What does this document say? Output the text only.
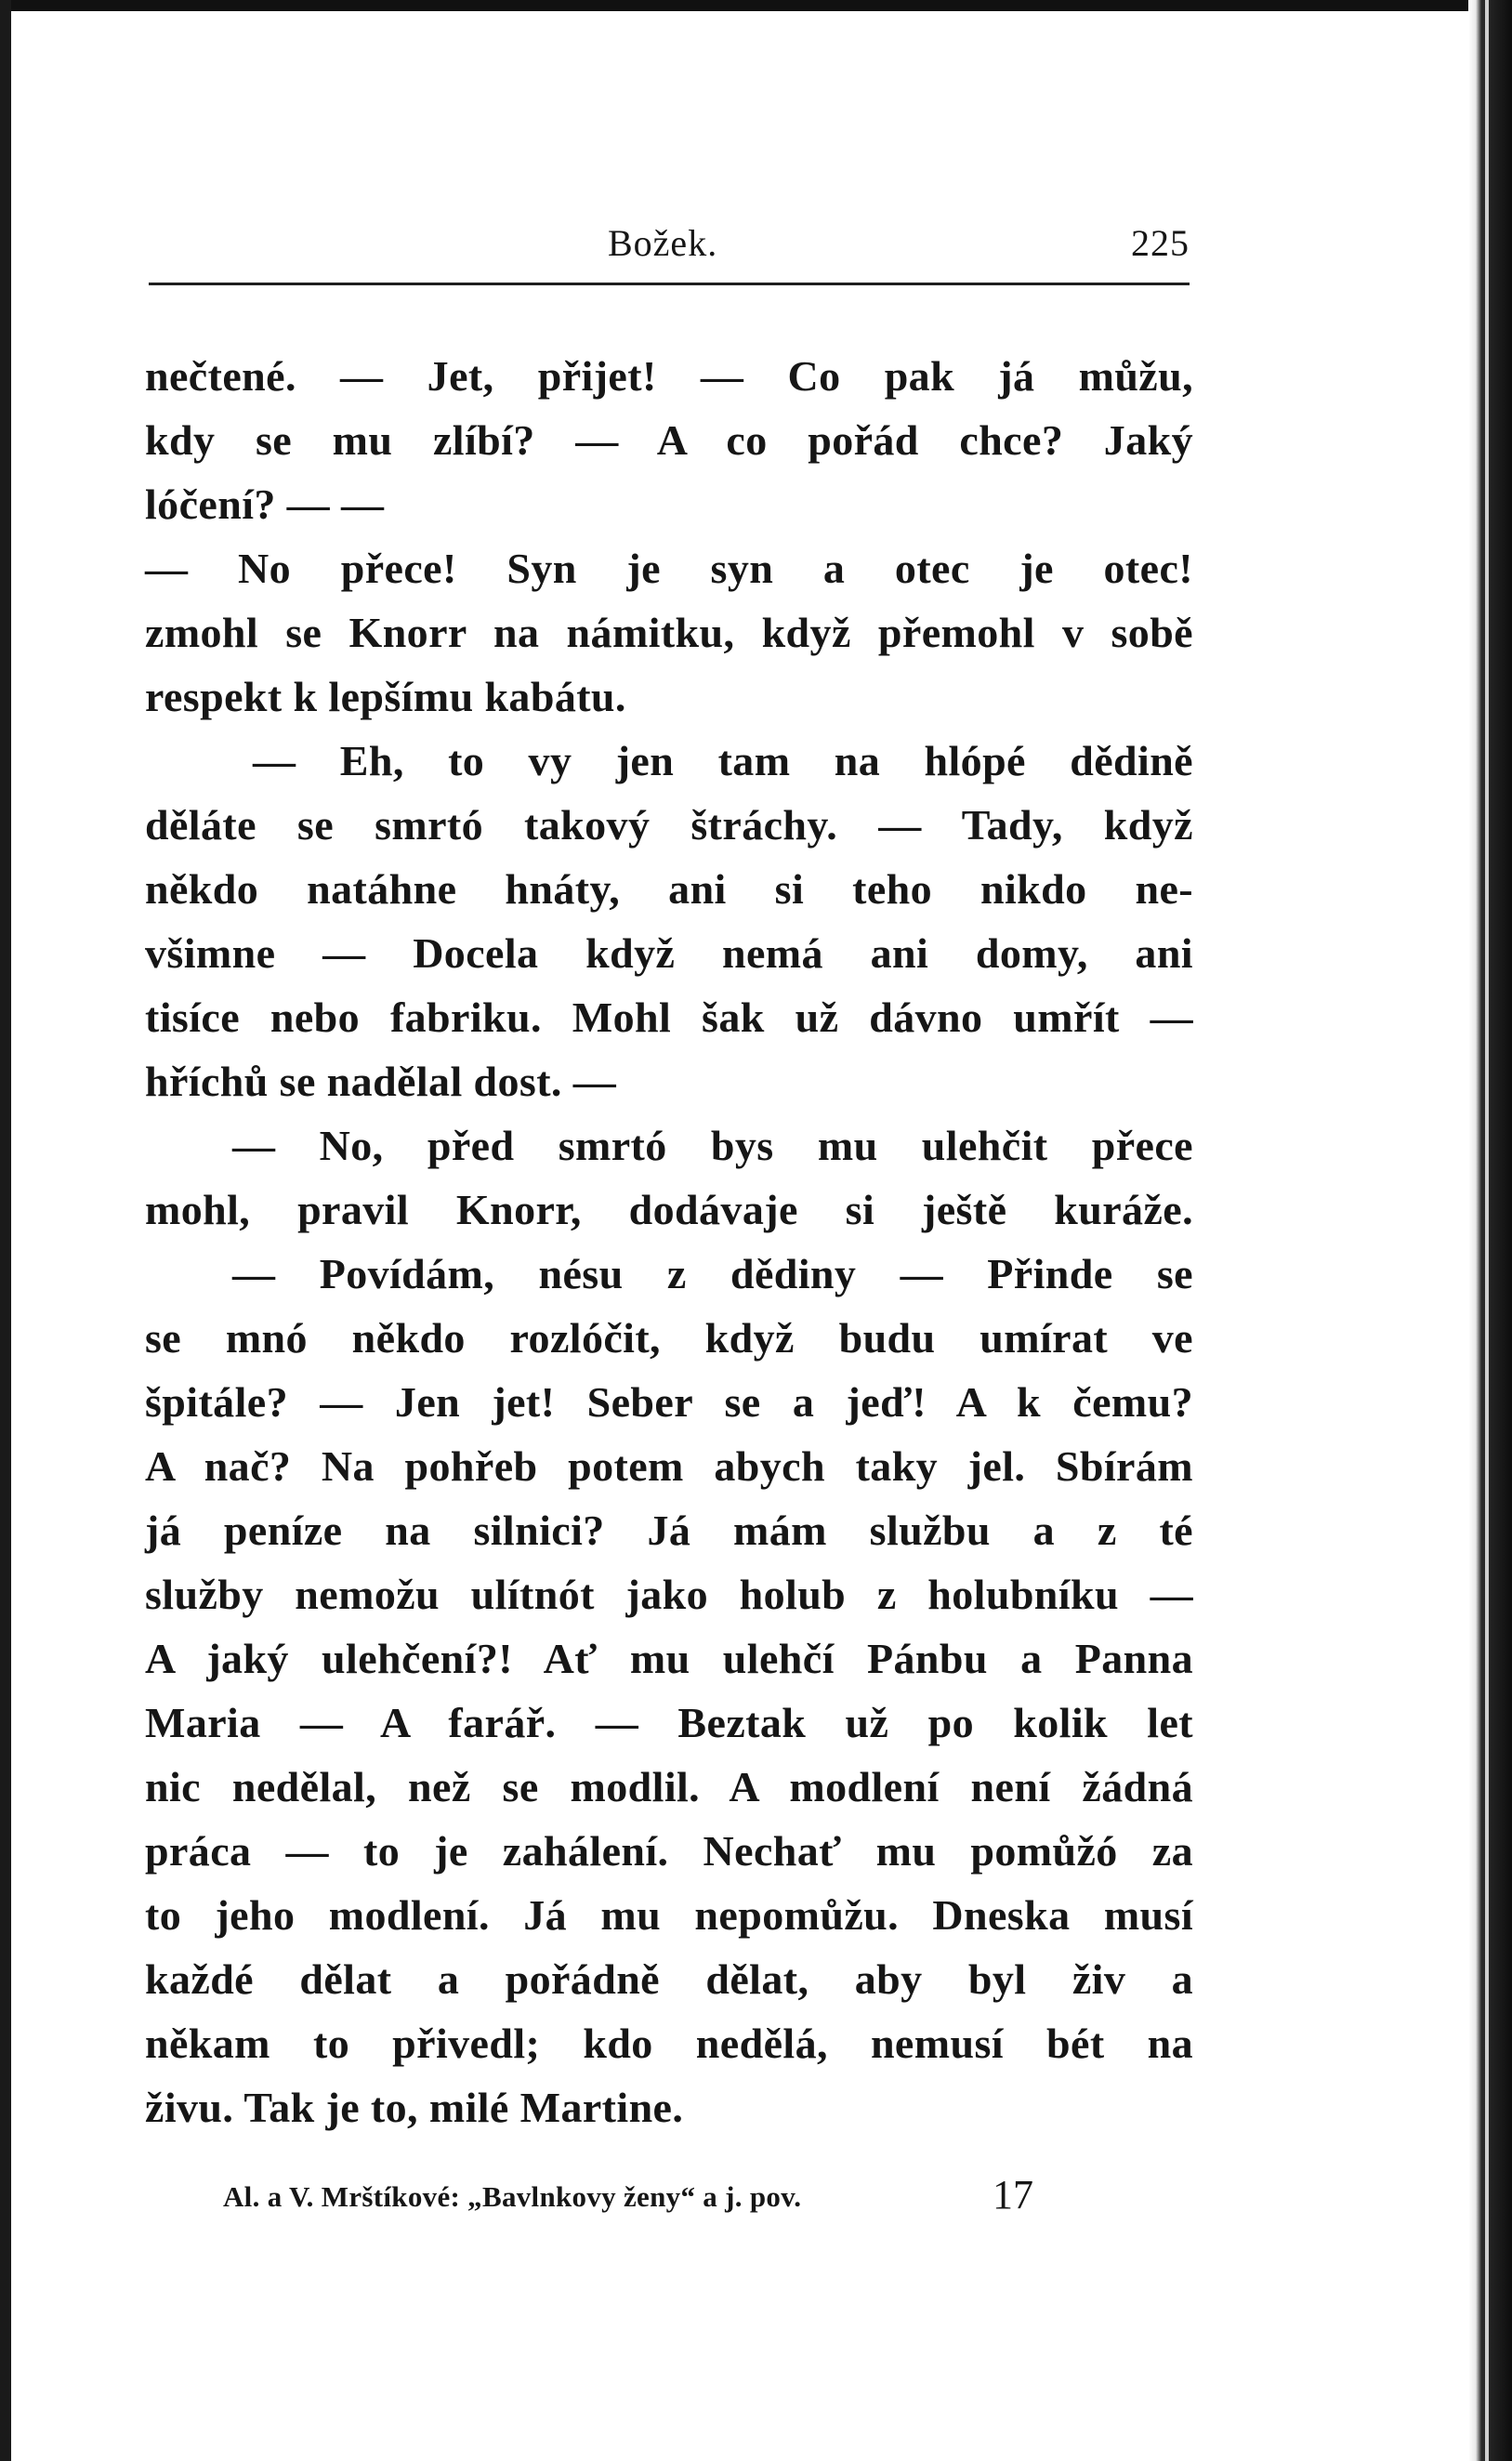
Božek.	225
nečtené. — Jet, přijet! — Co pak já můžu,
kdy se mu zlíbí? — A co pořád chce? Jaký
lóčení? — —
— No přece! Syn je syn a otec je otec!
zmohl se Knorr na námitku, když přemohl v sobě
respekt k lepšímu kabátu.
— Eh, to vy jen tam na hlópé dědině
děláte se smrtó takový štráchy. — Tady, když
někdo natáhne hnáty, ani si teho nikdo ne-
všimne — Docela když nemá ani domy, ani
tisíce nebo fabriku. Mohl šak už dávno umřít —
hříchů se nadělal dost. —
— No, před smrtó bys mu ulehčit přece
mohl, pravil Knorr, dodávaje si ještě kuráže.
— Povídám, nésu z dědiny — Přinde se
se mnó někdo rozlóčit, když budu umírat ve
špitále? — Jen jet! Seber se a jeď! A k čemu?
A nač? Na pohřeb potem abych taky jel. Sbírám
já peníze na silnici? Já mám službu a z té
služby nemožu ulítnót jako holub z holubníku —
A jaký ulehčení?! Ať mu ulehčí Pánbu a Panna
Maria — A farář. — Beztak už po kolik let
nic nedělal, než se modlil. A modlení není žádná
práca — to je zahálení. Nechať mu pomůžó za
to jeho modlení. Já mu nepomůžu. Dneska musí
každé dělat a pořádně dělat, aby byl živ a
někam to přivedl; kdo nedělá, nemusí bét na
živu. Tak je to, milé Martine.
Al. a V. Mrštíkové: „Bavlnkovy ženy“ a j. pov.	17
